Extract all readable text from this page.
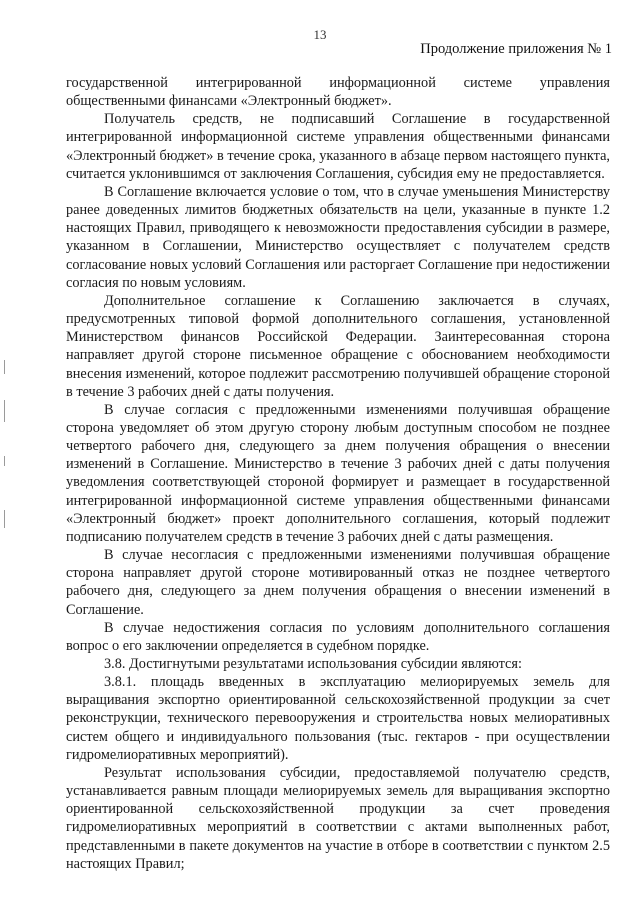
13
Продолжение приложения № 1

государственной интегрированной информационной системе управления общественными финансами «Электронный бюджет».

Получатель средств, не подписавший Соглашение в государственной интегрированной информационной системе управления общественными финансами «Электронный бюджет» в течение срока, указанного в абзаце первом настоящего пункта, считается уклонившимся от заключения Соглашения, субсидия ему не предоставляется.

В Соглашение включается условие о том, что в случае уменьшения Министерству ранее доведенных лимитов бюджетных обязательств на цели, указанные в пункте 1.2 настоящих Правил, приводящего к невозможности предоставления субсидии в размере, указанном в Соглашении, Министерство осуществляет с получателем средств согласование новых условий Соглашения или расторгает Соглашение при недостижении согласия по новым условиям.

Дополнительное соглашение к Соглашению заключается в случаях, предусмотренных типовой формой дополнительного соглашения, установленной Министерством финансов Российской Федерации. Заинтересованная сторона направляет другой стороне письменное обращение с обоснованием необходимости внесения изменений, которое подлежит рассмотрению получившей обращение стороной в течение 3 рабочих дней с даты получения.

В случае согласия с предложенными изменениями получившая обращение сторона уведомляет об этом другую сторону любым доступным способом не позднее четвертого рабочего дня, следующего за днем получения обращения о внесении изменений в Соглашение. Министерство в течение 3 рабочих дней с даты получения уведомления соответствующей стороной формирует и размещает в государственной интегрированной информационной системе управления общественными финансами «Электронный бюджет» проект дополнительного соглашения, который подлежит подписанию получателем средств в течение 3 рабочих дней с даты размещения.

В случае несогласия с предложенными изменениями получившая обращение сторона направляет другой стороне мотивированный отказ не позднее четвертого рабочего дня, следующего за днем получения обращения о внесении изменений в Соглашение.

В случае недостижения согласия по условиям дополнительного соглашения вопрос о его заключении определяется в судебном порядке.

3.8. Достигнутыми результатами использования субсидии являются:

3.8.1. площадь введенных в эксплуатацию мелиорируемых земель для выращивания экспортно ориентированной сельскохозяйственной продукции за счет реконструкции, технического перевооружения и строительства новых мелиоративных систем общего и индивидуального пользования (тыс. гектаров - при осуществлении гидромелиоративных мероприятий).

Результат использования субсидии, предоставляемой получателю средств, устанавливается равным площади мелиорируемых земель для выращивания экспортно ориентированной сельскохозяйственной продукции за счет проведения гидромелиоративных мероприятий в соответствии с актами выполненных работ, представленными в пакете документов на участие в отборе в соответствии с пунктом 2.5 настоящих Правил;
